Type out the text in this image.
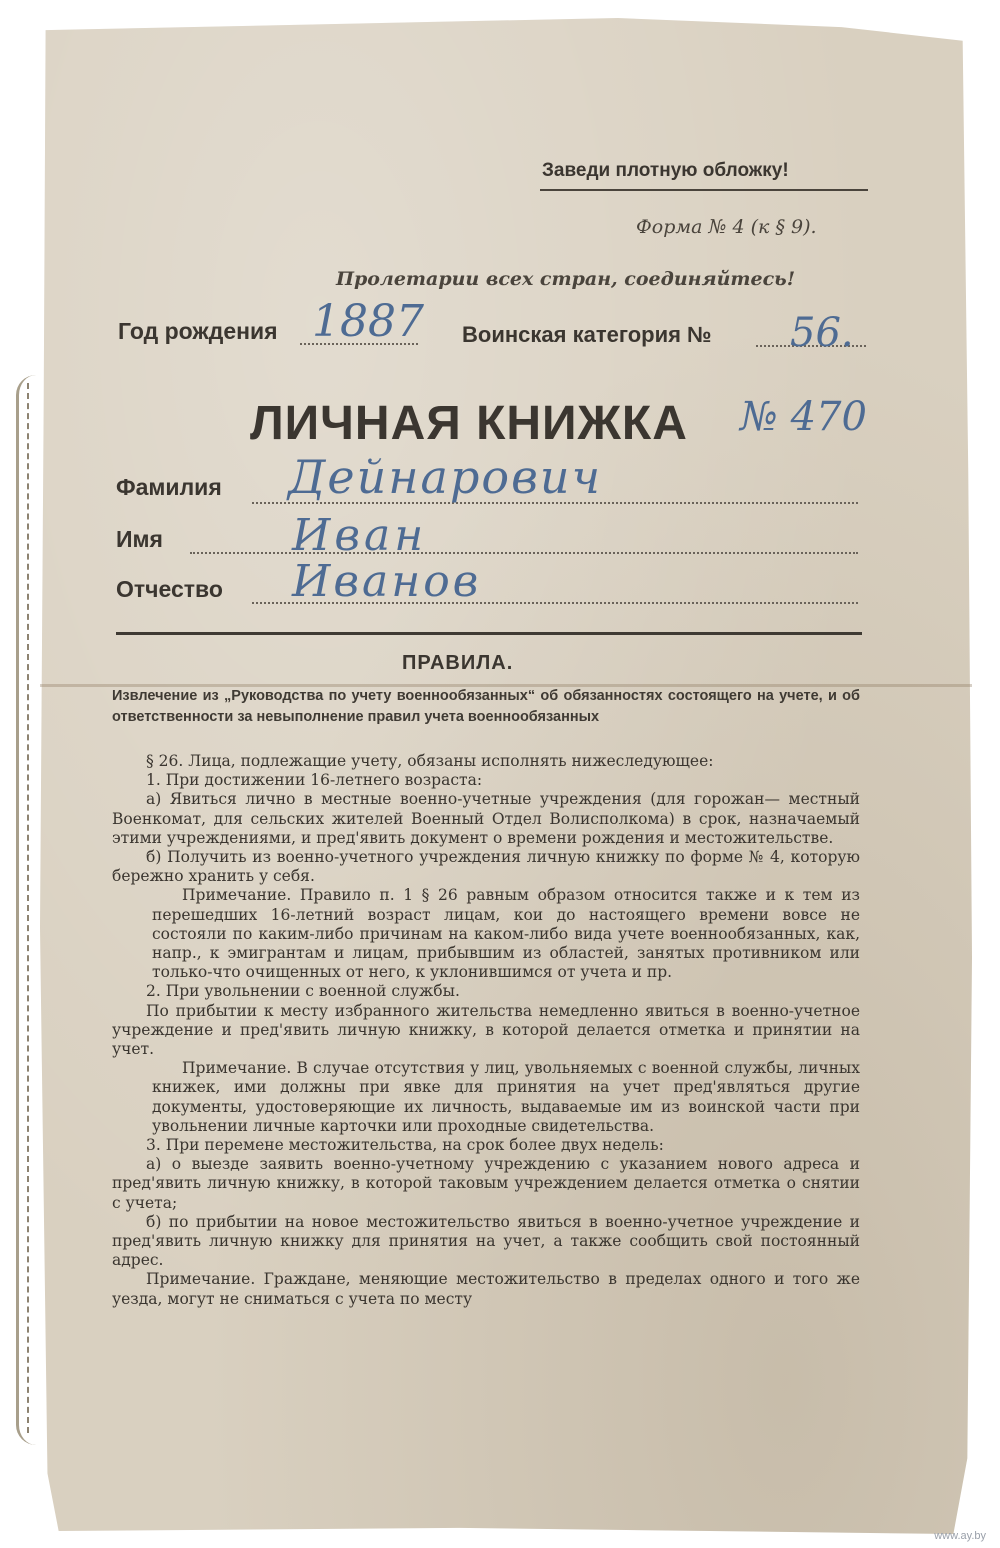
Заведи плотную обложку!
Форма № 4 (к § 9).
Пролетарии всех стран, соединяйтесь!
Год рождения 1887 Воинская категория № 56.
ЛИЧНАЯ КНИЖКА № 470
Фамилия Дейнарович
Имя	Иван
Отчество Иванов
ПРАВИЛА.
Извлечение из „Руководства по учету военнообязанных“ об обязанностях состоящего на учете, и об ответственности за невыполнение правил учета военнообязанных

§ 26. Лица, подлежащие учету, обязаны исполнять нижеследующее:

1. При достижении 16-летнего возраста:

а) Явиться лично в местные военно-учетные учреждения (для горожан— местный Военкомат, для сельских жителей Военный Отдел Волисполкома) в срок, назначаемый этими учреждениями, и пред'явить документ о времени рождения и местожительстве.

б) Получить из военно-учетного учреждения личную книжку по форме № 4, которую бережно хранить у себя.

Примечание. Правило п. 1 § 26 равным образом относится также и к тем из перешедших 16-летний возраст лицам, кои до настоящего времени вовсе не состояли по каким-либо причинам на каком-либо вида учете военнообязанных, как, напр., к эмигрантам и лицам, прибывшим из областей, занятых противником или только-что очищенных от него, к уклонившимся от учета и пр.

2. При увольнении с военной службы.

По прибытии к месту избранного жительства немедленно явиться в военно-учетное учреждение и пред'явить личную книжку, в которой делается отметка и принятии на учет.

Примечание. В случае отсутствия у лиц, увольняемых с военной службы, личных книжек, ими должны при явке для принятия на учет пред'являться другие документы, удостоверяющие их личность, выдаваемые им из воинской части при увольнении личные карточки или проходные свидетельства.

3. При перемене местожительства, на срок более двух недель:

а) о выезде заявить военно-учетному учреждению с указанием нового адреса и пред'явить личную книжку, в которой таковым учреждением делается отметка о снятии с учета;

б) по прибытии на новое местожительство явиться в военно-учетное учреждение и пред'явить личную книжку для принятия на учет, а также сообщить свой постоянный адрес.

Примечание. Граждане, меняющие местожительство в пределах одного и того же уезда, могут не сниматься с учета по месту

www.ay.by
